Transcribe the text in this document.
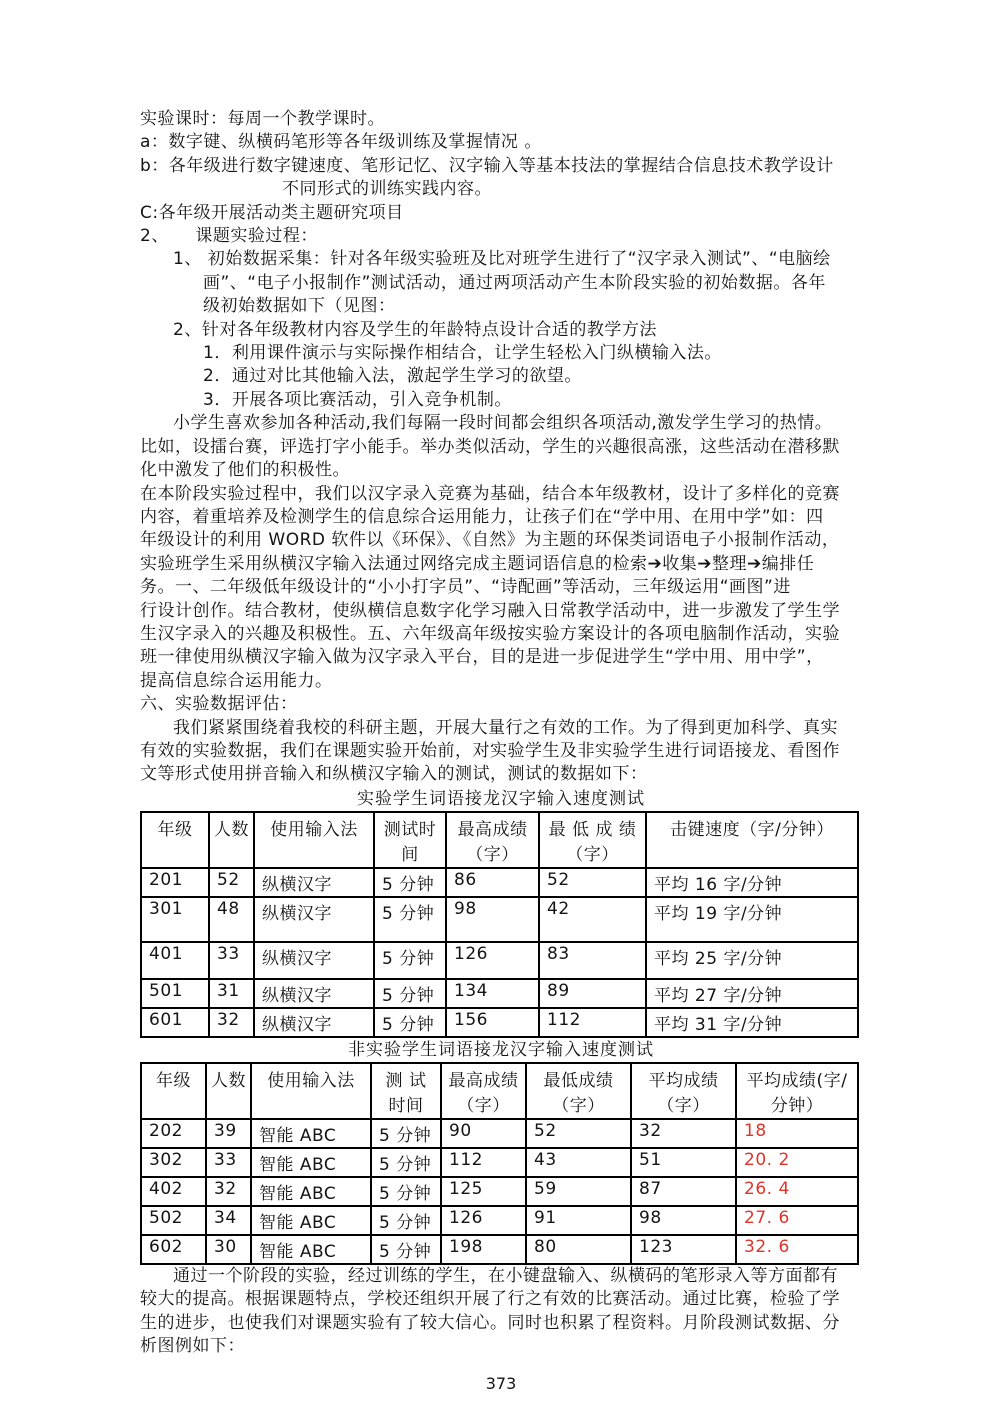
实验课时：每周一个教学课时。
a：数字键、纵横码笔形等各年级训练及掌握情况 。
b：各年级进行数字键速度、笔形记忆、汉字输入等基本技法的掌握结合信息技术教学设计
不同形式的训练实践内容。
C:各年级开展活动类主题研究项目
2、　　课题实验过程：
1、 初始数据采集：针对各年级实验班及比对班学生进行了“汉字录入测试”、“电脑绘
画”、“电子小报制作”测试活动，通过两项活动产生本阶段实验的初始数据。各年
级初始数据如下（见图：
2、针对各年级教材内容及学生的年龄特点设计合适的教学方法
1．利用课件演示与实际操作相结合，让学生轻松入门纵横输入法。
2．通过对比其他输入法，激起学生学习的欲望。
3．开展各项比赛活动，引入竞争机制。
小学生喜欢参加各种活动,我们每隔一段时间都会组织各项活动,激发学生学习的热情。
比如，设擂台赛，评选打字小能手。举办类似活动，学生的兴趣很高涨，这些活动在潜移默
化中激发了他们的积极性。
在本阶段实验过程中，我们以汉字录入竞赛为基础，结合本年级教材，设计了多样化的竞赛
内容，着重培养及检测学生的信息综合运用能力，让孩子们在“学中用、在用中学”如：四
年级设计的利用 WORD 软件以《环保》、《自然》为主题的环保类词语电子小报制作活动，
实验班学生采用纵横汉字输入法通过网络完成主题词语信息的检索➔收集➔整理➔编排任
务。一、二年级低年级设计的“小小打字员”、“诗配画”等活动，三年级运用“画图”进
行设计创作。结合教材，使纵横信息数字化学习融入日常教学活动中，进一步激发了学生学
生汉字录入的兴趣及积极性。五、六年级高年级按实验方案设计的各项电脑制作活动，实验
班一律使用纵横汉字输入做为汉字录入平台，目的是进一步促进学生“学中用、用中学”，
提高信息综合运用能力。
六、实验数据评估：
我们紧紧围绕着我校的科研主题，开展大量行之有效的工作。为了得到更加科学、真实
有效的实验数据，我们在课题实验开始前，对实验学生及非实验学生进行词语接龙、看图作
文等形式使用拼音输入和纵横汉字输入的测试，测试的数据如下：
实验学生词语接龙汉字输入速度测试
年级	人数	使用输入法	测试时间	最高成绩（字）	最 低 成 绩（字）	击键速度（字/分钟）
201	52	纵横汉字	5 分钟	86	52	平均 16 字/分钟
301	48	纵横汉字	5 分钟	98	42	平均 19 字/分钟
401	33	纵横汉字	5 分钟	126	83	平均 25 字/分钟
501	31	纵横汉字	5 分钟	134	89	平均 27 字/分钟
601	32	纵横汉字	5 分钟	156	112	平均 31 字/分钟
非实验学生词语接龙汉字输入速度测试
年级	人数	使用输入法	测 试 时间	最高成绩（字）	最低成绩（字）	平均成绩（字）	平均成绩(字/分钟）
202	39	智能 ABC	5 分钟	90	52	32	18
302	33	智能 ABC	5 分钟	112	43	51	20. 2
402	32	智能 ABC	5 分钟	125	59	87	26. 4
502	34	智能 ABC	5 分钟	126	91	98	27. 6
602	30	智能 ABC	5 分钟	198	80	123	32. 6
通过一个阶段的实验，经过训练的学生，在小键盘输入、纵横码的笔形录入等方面都有
较大的提高。根据课题特点，学校还组织开展了行之有效的比赛活动。通过比赛，检验了学
生的进步，也使我们对课题实验有了较大信心。同时也积累了程资料。月阶段测试数据、分
析图例如下：
373
